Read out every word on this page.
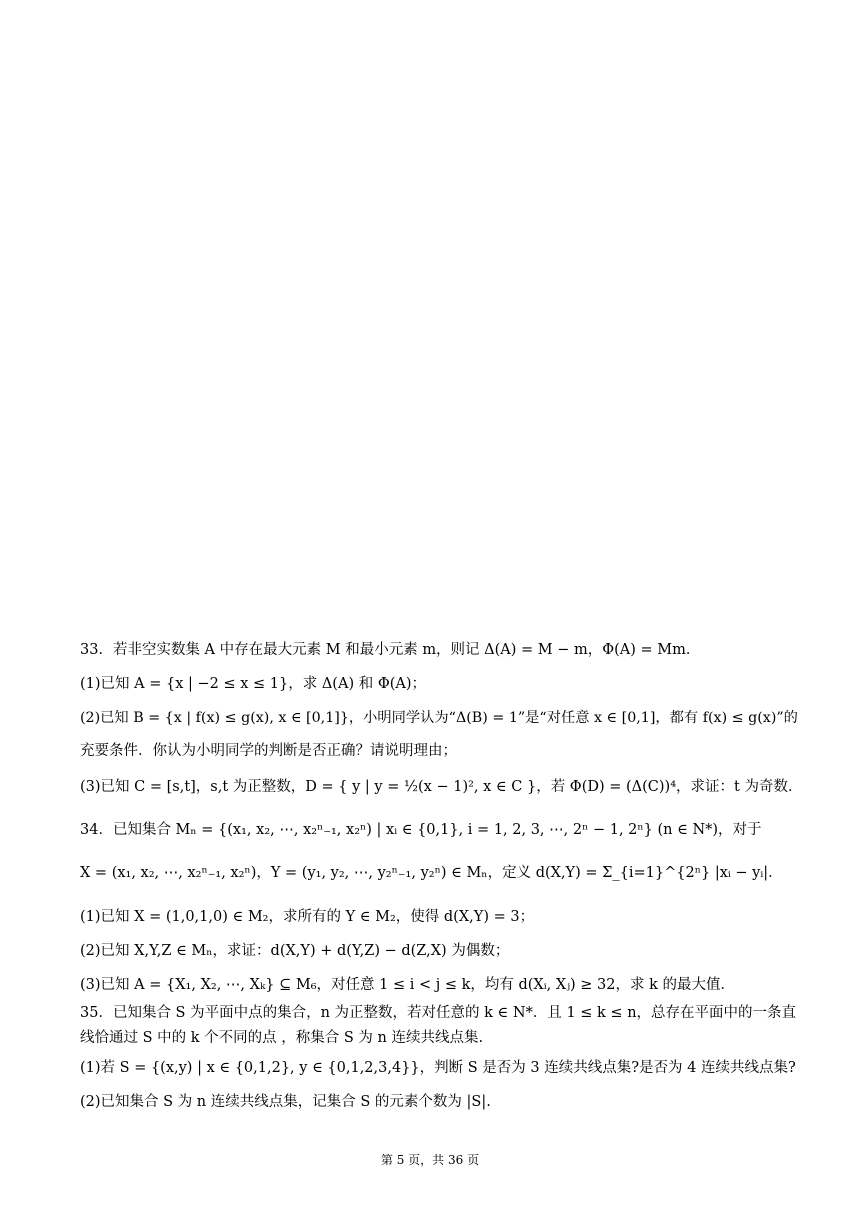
33．若非空实数集 A 中存在最大元素 M 和最小元素 m，则记 Δ(A) = M − m，Φ(A) = Mm．
(1)已知 A = {x | −2 ≤ x ≤ 1}，求 Δ(A) 和 Φ(A)；
(2)已知 B = {x | f(x) ≤ g(x), x ∈ [0,1]}，小明同学认为“Δ(B) = 1”是“对任意 x ∈ [0,1]，都有 f(x) ≤ g(x)”的
充要条件．你认为小明同学的判断是否正确？请说明理由；
(3)已知 C = [s,t]，s,t 为正整数，D = { y | y = ½(x − 1)², x ∈ C }，若 Φ(D) = (Δ(C))⁴，求证：t 为奇数．
34．已知集合 Mₙ = {(x₁, x₂, ⋯, x₂ⁿ₋₁, x₂ⁿ) | xᵢ ∈ {0,1}, i = 1, 2, 3, ⋯, 2ⁿ − 1, 2ⁿ} (n ∈ N*)，对于
X = (x₁, x₂, ⋯, x₂ⁿ₋₁, x₂ⁿ)，Y = (y₁, y₂, ⋯, y₂ⁿ₋₁, y₂ⁿ) ∈ Mₙ，定义 d(X,Y) = Σ_{i=1}^{2ⁿ} |xᵢ − yᵢ|．
(1)已知 X = (1,0,1,0) ∈ M₂，求所有的 Y ∈ M₂，使得 d(X,Y) = 3；
(2)已知 X,Y,Z ∈ Mₙ，求证：d(X,Y) + d(Y,Z) − d(Z,X) 为偶数；
(3)已知 A = {X₁, X₂, ⋯, Xₖ} ⊆ M₆，对任意 1 ≤ i < j ≤ k，均有 d(Xᵢ, Xⱼ) ≥ 32，求 k 的最大值．
35．已知集合 S 为平面中点的集合，n 为正整数，若对任意的 k ∈ N*．且 1 ≤ k ≤ n，总存在平面中的一条直
线恰通过 S 中的 k 个不同的点 ，称集合 S 为 n 连续共线点集.
(1)若 S = {(x,y) | x ∈ {0,1,2}, y ∈ {0,1,2,3,4}}，判断 S 是否为 3 连续共线点集?是否为 4 连续共线点集?
(2)已知集合 S 为 n 连续共线点集，记集合 S 的元素个数为 |S|.
第 5 页，共 36 页
